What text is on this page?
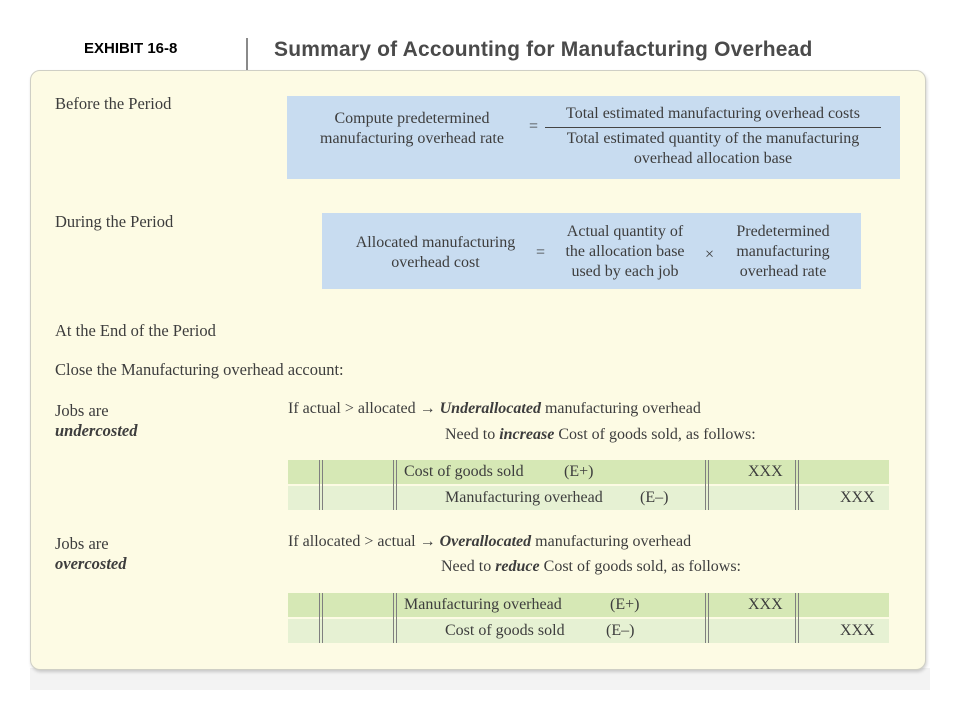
EXHIBIT 16-8	Summary of Accounting for Manufacturing Overhead
Before the Period
Compute predetermined
manufacturing overhead rate
=
Total estimated manufacturing overhead costs
Total estimated quantity of the manufacturing
overhead allocation base
During the Period
Allocated manufacturing
overhead cost
=
Actual quantity of
the allocation base
used by each job
×
Predetermined
manufacturing
overhead rate
At the End of the Period
Close the Manufacturing overhead account:
Jobs are
undercosted
If actual > allocated → Underallocated manufacturing overhead
Need to increase Cost of goods sold, as follows:
Cost of goods sold	(E+)	XXX
Manufacturing overhead (E–)	XXX
Jobs are
overcosted
If allocated > actual → Overallocated manufacturing overhead
Need to reduce Cost of goods sold, as follows:
Manufacturing overhead	(E+)	XXX
Cost of goods sold	(E–)	XXX
